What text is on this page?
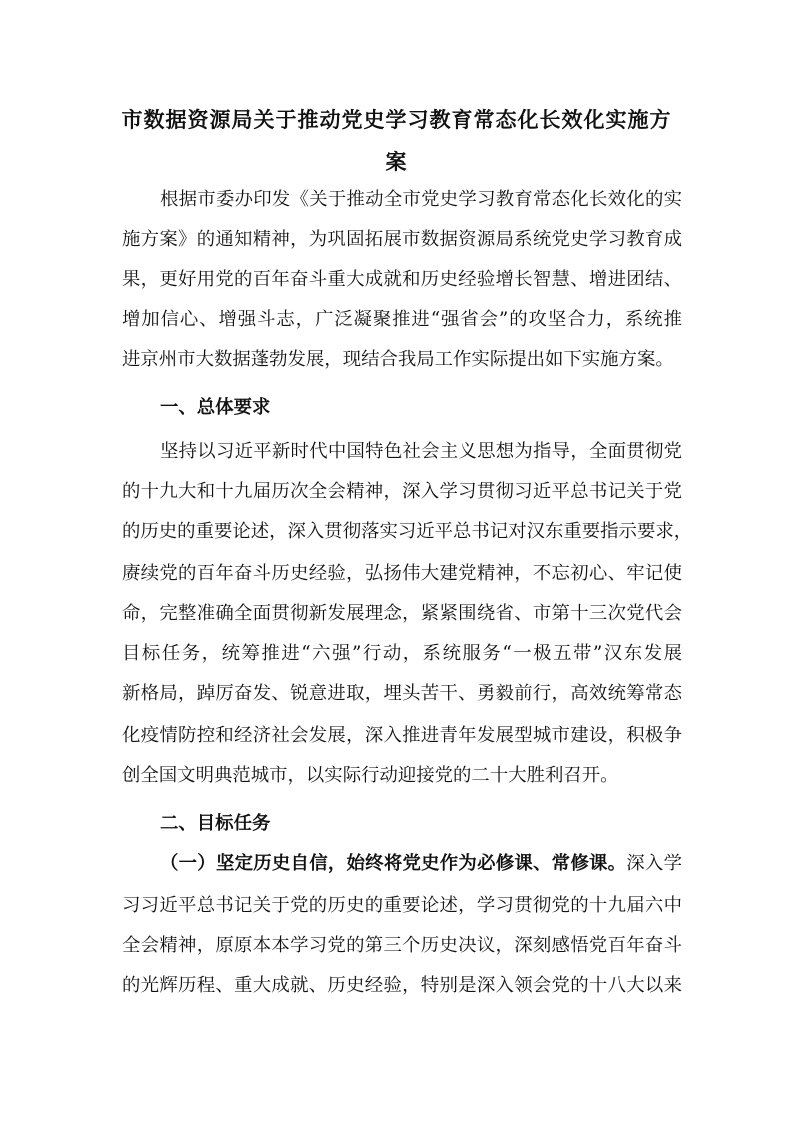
市数据资源局关于推动党史学习教育常态化长效化实施方
案
根据市委办印发《关于推动全市党史学习教育常态化长效化的实
施方案》的通知精神，为巩固拓展市数据资源局系统党史学习教育成
果，更好用党的百年奋斗重大成就和历史经验增长智慧、增进团结、
增加信心、增强斗志，广泛凝聚推进“强省会”的攻坚合力，系统推
进京州市大数据蓬勃发展，现结合我局工作实际提出如下实施方案。
一、总体要求
坚持以习近平新时代中国特色社会主义思想为指导，全面贯彻党
的十九大和十九届历次全会精神，深入学习贯彻习近平总书记关于党
的历史的重要论述，深入贯彻落实习近平总书记对汉东重要指示要求，
赓续党的百年奋斗历史经验，弘扬伟大建党精神，不忘初心、牢记使
命，完整准确全面贯彻新发展理念，紧紧围绕省、市第十三次党代会
目标任务，统筹推进“六强”行动，系统服务“一极五带”汉东发展
新格局，踔厉奋发、锐意进取，埋头苦干、勇毅前行，高效统筹常态
化疫情防控和经济社会发展，深入推进青年发展型城市建设，积极争
创全国文明典范城市，以实际行动迎接党的二十大胜利召开。
二、目标任务
（一）坚定历史自信，始终将党史作为必修课、常修课。深入学
习习近平总书记关于党的历史的重要论述，学习贯彻党的十九届六中
全会精神，原原本本学习党的第三个历史决议，深刻感悟党百年奋斗
的光辉历程、重大成就、历史经验，特别是深入领会党的十八大以来
